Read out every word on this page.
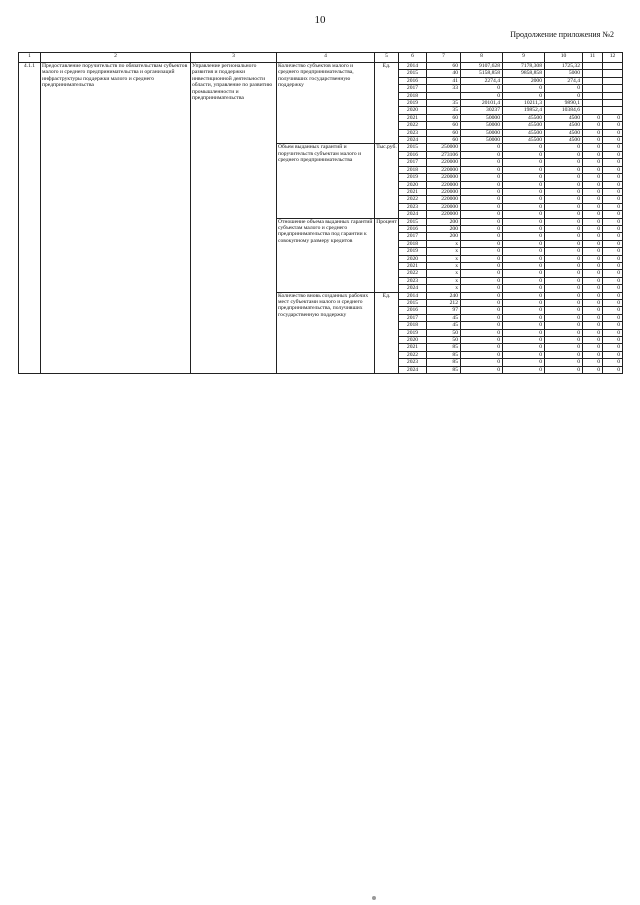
10
Продолжение приложения №2
1	2	3	4	5	6	7	8	9	10	11	12
4.1.1	Предоставление поручительств по обязательствам субъектов малого и среднего предпринимательства и организаций инфраструктуры поддержки малого и среднего предпринимательства	Управление регионального развития и поддержки инвестиционной деятельности области, управление по развитию промышленности и предпринимательства	Количество субъектов малого и среднего предпринимательства, получивших государственную поддержку	Ед.	2014	60	9107,628	7178,308	1725,32		
					2015	40	5158,858	9858,858	5000		
					2016	41	2274,4	2000	274,4		
					2017	33	0	0	0		
					2018		0	0	0		
					2019	35	20101,4	10211,3	9890,1		
					2020	35	30237	19852,4	10384,6		
					2021	60	50000	45500	4500	0	0
					2022	60	50000	45500	4500	0	0
					2023	60	50000	45500	4500	0	0
					2024	60	50000	45500	4500	0	0
			Объем выданных гарантий и поручительств субъектам малого и среднего предпринимательства	Тыс.руб.	2015	250000	0	0	0	0	0
					2016	273106	0	0	0	0	0
					2017	220000	0	0	0	0	0
					2018	220000	0	0	0	0	0
					2019	220000	0	0	0	0	0
					2020	220000	0	0	0	0	0
					2021	220000	0	0	0	0	0
					2022	220000	0	0	0	0	0
					2023	220000	0	0	0	0	0
					2024	220000	0	0	0	0	0
			Отношение объема выданных гарантий субъектам малого и среднего предпринимательства под гарантии к совокупному размеру кредитов	Процент	2015	200	0	0	0	0	0
					2016	200	0	0	0	0	0
					2017	200	0	0	0	0	0
					2018	x	0	0	0	0	0
					2019	x	0	0	0	0	0
					2020	x	0	0	0	0	0
					2021	x	0	0	0	0	0
					2022	x	0	0	0	0	0
					2023	x	0	0	0	0	0
					2024	x	0	0	0	0	0
			Количество вновь созданных рабочих мест субъектами малого и среднего предпринимательства, получивших государственную поддержку	Ед.	2014	240	0	0	0	0	0
					2015	212	0	0	0	0	0
					2016	97	0	0	0	0	0
					2017	45	0	0	0	0	0
					2018	45	0	0	0	0	0
					2019	50	0	0	0	0	0
					2020	50	0	0	0	0	0
					2021	85	0	0	0	0	0
					2022	85	0	0	0	0	0
					2023	85	0	0	0	0	0
					2024	85	0	0	0	0	0
